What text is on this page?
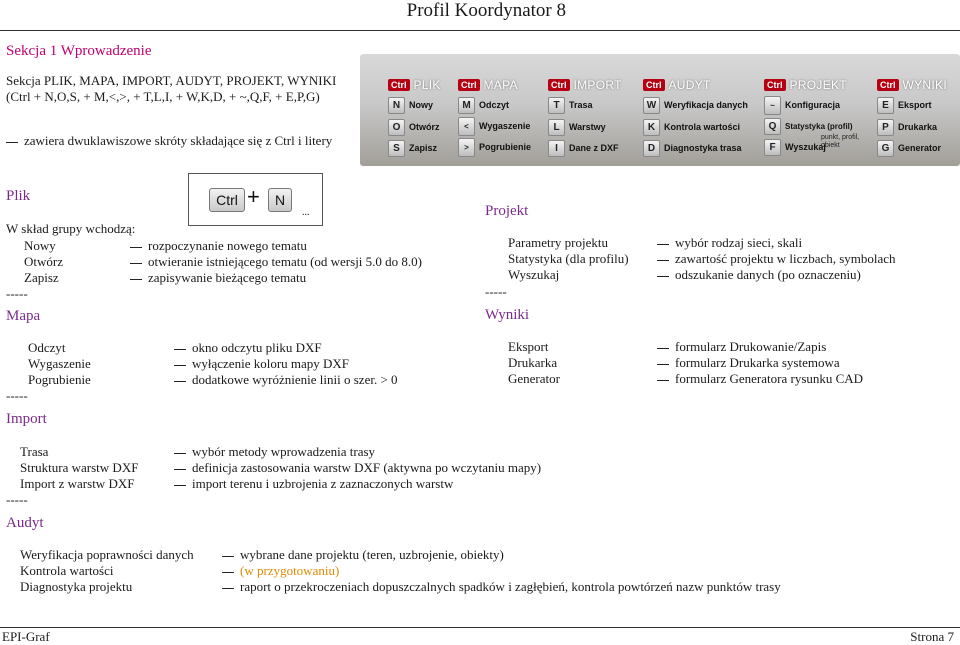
Profil Koordynator 8
Sekcja 1 Wprowadzenie
Sekcja PLIK, MAPA, IMPORT, AUDYT, PROJEKT, WYNIKI (Ctrl + N,O,S, + M,<,>, + T,L,I, + W,K,D, + ~,Q,F, + E,P,G)
zawiera dwuklawiszowe skróty składające się z Ctrl i litery
Ctrl PLIK
N Nowy
O Otwórz
S	Zapisz
Ctrl MAPA
M Odczyt
<	Wygaszenie
>	Pogrubienie
Ctrl IMPORT
T	Trasa
L	Warstwy
I	Dane z DXF
Ctrl AUDYT
W Weryfikacja danych
K Kontrola wartości
D Diagnostyka trasa
Ctrl PROJEKT
~	Konfiguracja
Q	Statystyka (profil)
F	Wyszukaj
punkt, profil, obiekt
Ctrl WYNIKI
E	Eksport
P	Drukarka
G Generator
Plik	Ctrl +	N
...
W skład grupy wchodzą:
Nowy	rozpoczynanie nowego tematu
Otwórz	otwieranie istniejącego tematu (od wersji 5.0 do 8.0)
Zapisz	zapisywanie bieżącego tematu
-----
Mapa
Odczyt	okno odczytu pliku DXF
Wygaszenie	wyłączenie koloru mapy DXF
Pogrubienie	dodatkowe wyróżnienie linii o szer. > 0
-----
Import
Trasa	wybór metody wprowadzenia trasy
Struktura warstw DXF	definicja zastosowania warstw DXF (aktywna po wczytaniu mapy)
Import z warstw DXF	import terenu i uzbrojenia z zaznaczonych warstw
-----
Audyt
Weryfikacja poprawności danych	wybrane dane projektu (teren, uzbrojenie, obiekty)
Kontrola wartości	(w przygotowaniu)
Diagnostyka projektu	raport o przekroczeniach dopuszczalnych spadków i zagłębień, kontrola powtórzeń nazw punktów trasy
Projekt
Parametry projektu	wybór rodzaj sieci, skali
Statystyka (dla profilu)	zawartość projektu w liczbach, symbolach
Wyszukaj	odszukanie danych (po oznaczeniu)
-----
Wyniki
Eksport	formularz Drukowanie/Zapis
Drukarka	formularz Drukarka systemowa
Generator	formularz Generatora rysunku CAD
EPI-Graf	Strona 7
